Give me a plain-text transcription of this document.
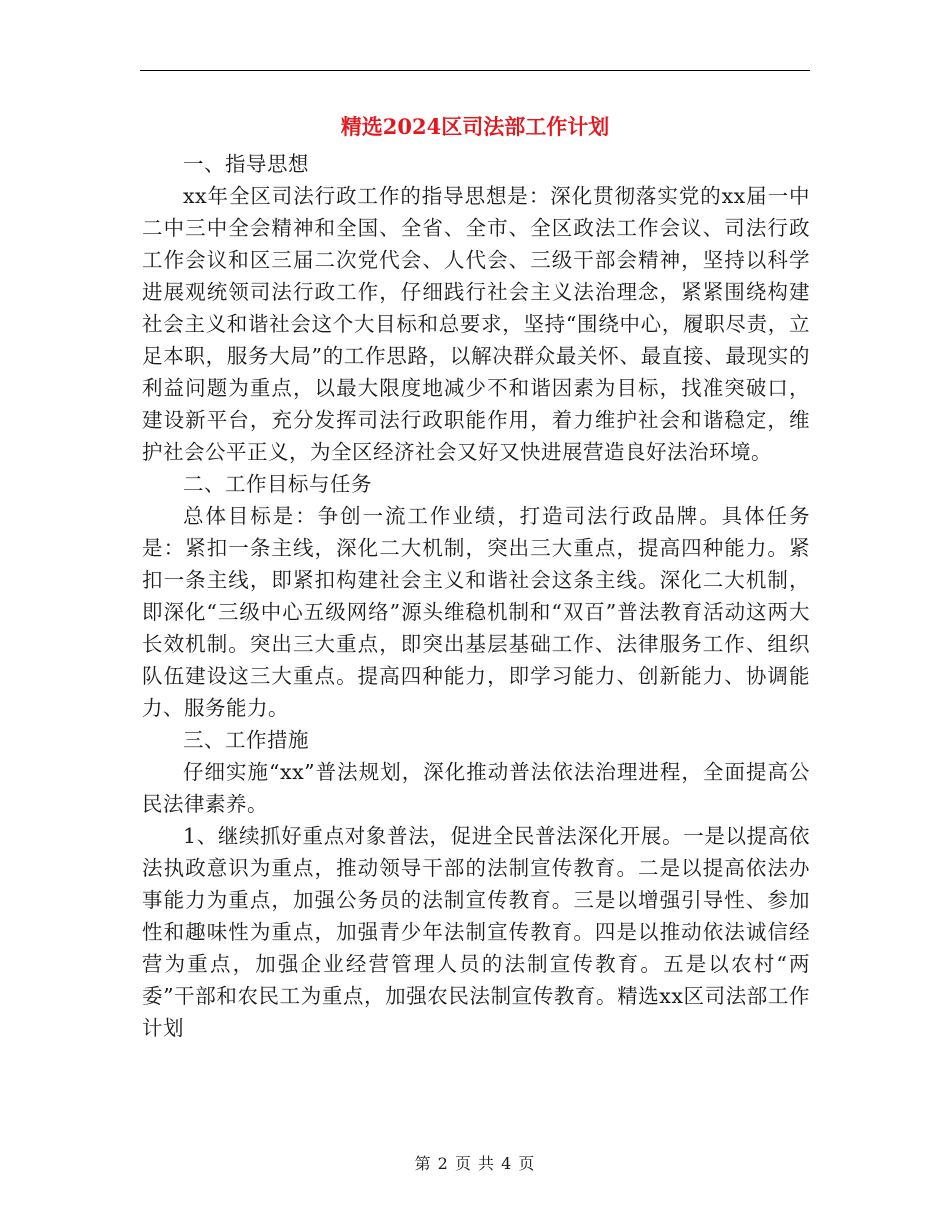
精选2024区司法部工作计划

一、指导思想

xx年全区司法行政工作的指导思想是：深化贯彻落实党的xx届一中二中三中全会精神和全国、全省、全市、全区政法工作会议、司法行政工作会议和区三届二次党代会、人代会、三级干部会精神，坚持以科学进展观统领司法行政工作，仔细践行社会主义法治理念，紧紧围绕构建社会主义和谐社会这个大目标和总要求，坚持“围绕中心，履职尽责，立足本职，服务大局”的工作思路，以解决群众最关怀、最直接、最现实的利益问题为重点，以最大限度地减少不和谐因素为目标，找准突破口，建设新平台，充分发挥司法行政职能作用，着力维护社会和谐稳定，维护社会公平正义，为全区经济社会又好又快进展营造良好法治环境。

二、工作目标与任务

总体目标是：争创一流工作业绩，打造司法行政品牌。具体任务是：紧扣一条主线，深化二大机制，突出三大重点，提高四种能力。紧扣一条主线，即紧扣构建社会主义和谐社会这条主线。深化二大机制，即深化“三级中心五级网络”源头维稳机制和“双百”普法教育活动这两大长效机制。突出三大重点，即突出基层基础工作、法律服务工作、组织队伍建设这三大重点。提高四种能力，即学习能力、创新能力、协调能力、服务能力。

三、工作措施

仔细实施“xx”普法规划，深化推动普法依法治理进程，全面提高公民法律素养。

1、继续抓好重点对象普法，促进全民普法深化开展。一是以提高依法执政意识为重点，推动领导干部的法制宣传教育。二是以提高依法办事能力为重点，加强公务员的法制宣传教育。三是以增强引导性、参加性和趣味性为重点，加强青少年法制宣传教育。四是以推动依法诚信经营为重点，加强企业经营管理人员的法制宣传教育。五是以农村“两委”干部和农民工为重点，加强农民法制宣传教育。精选xx区司法部工作计划

第 2 页 共 4 页
